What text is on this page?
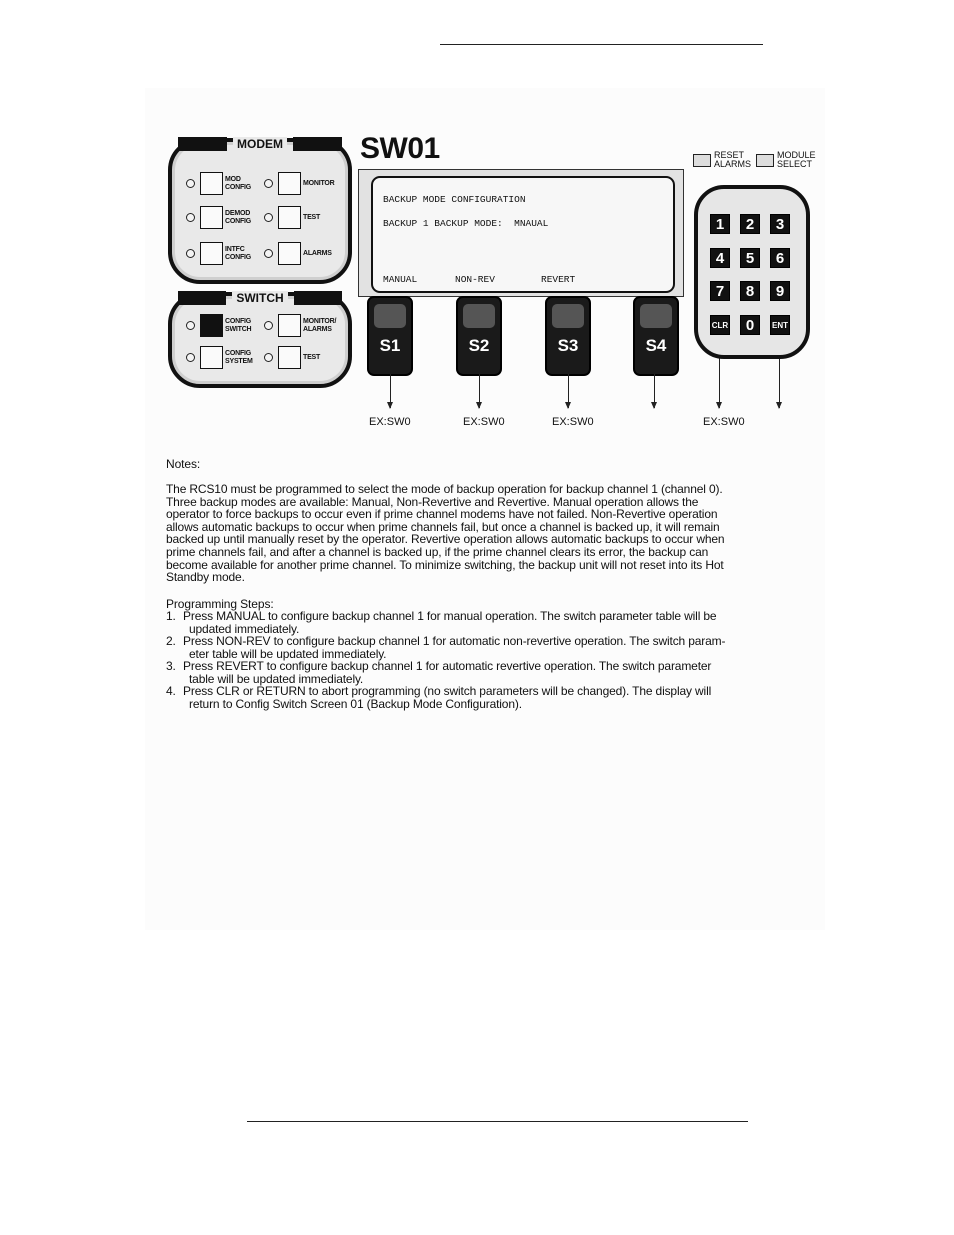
MODEM
MOD
CONFIG
MONITOR
DEMOD
CONFIG
TEST
INTFC
CONFIG
ALARMS
SWITCH
CONFIG
SWITCH
MONITOR/
ALARMS
CONFIG
SYSTEM
TEST
SW01
BACKUP MODE CONFIGURATION
BACKUP 1 BACKUP MODE:  MNAUAL
MANUAL	NON-REV	REVERT
S1	S2	S3	S4
EX:SW0	EX:SW0	EX:SW0	EX:SW0
RESET
ALARMS
MODULE
SELECT
1	2	3
4	5	6
7	8	9
CLR	0	ENT
Notes:
The RCS10 must be programmed to select the mode of backup operation for backup channel 1 (channel 0).
Three backup modes are available: Manual, Non-Revertive and Revertive. Manual operation allows the
operator to force backups to occur even if prime channel modems have not failed. Non-Revertive operation
allows automatic backups to occur when prime channels fail, but once a channel is backed up, it will remain
backed up until manually reset by the operator. Revertive operation allows automatic backups to occur when
prime channels fail, and after a channel is backed up, if the prime channel clears its error, the backup can
become available for another prime channel. To minimize switching, the backup unit will not reset into its Hot
Standby mode.
Programming Steps:
1. Press MANUAL to configure backup channel 1 for manual operation. The switch parameter table will be
updated immediately.
2. Press NON-REV to configure backup channel 1 for automatic non-revertive operation. The switch param-
eter table will be updated immediately.
3. Press REVERT to configure backup channel 1 for automatic revertive operation. The switch parameter
table will be updated immediately.
4. Press CLR or RETURN to abort programming (no switch parameters will be changed). The display will
return to Config Switch Screen 01 (Backup Mode Configuration).
